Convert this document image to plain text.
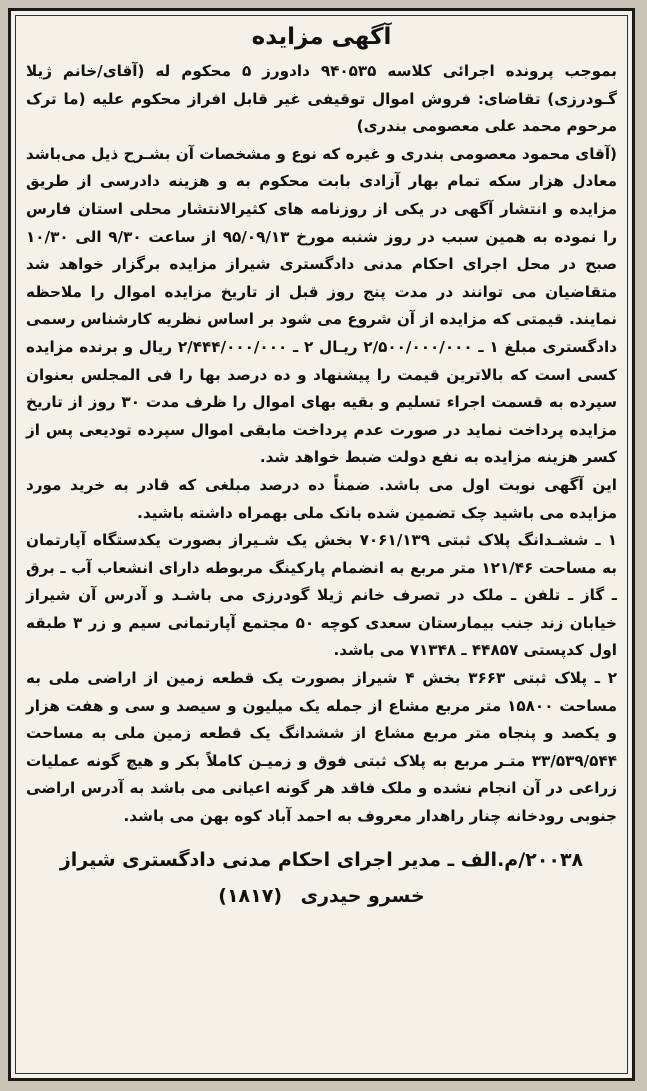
آگهی مزایده

بموجب پرونده اجرائی کلاسه ۹۴۰۵۳۵ دادورز ۵ محکوم له (آقای/خانم ژیلا گـودرزی) تقاضای: فروش اموال توقیفی غیر قابل افراز محکوم علیه (ما ترک مرحوم محمد علی معصومی بندری)

(آقای محمود معصومی بندری و غیره که نوع و مشخصات آن بشـرح ذیل می‌باشد معادل هزار سکه تمام بهار آزادی بابت محکوم به و هزینه دادرسی از طریق مزایده و انتشار آگهی در یکی از روزنامه های کثیرالانتشار محلی استان فارس را نموده به همین سبب در روز شنبه مورخ ۹۵/۰۹/۱۳ از ساعت ۹/۳۰ الی ۱۰/۳۰ صبح در محل اجرای احکام مدنی دادگستری شیراز مزایده برگزار خواهد شد متقاضیان می توانند در مدت پنج روز قبل از تاریخ مزایده اموال را ملاحظه نمایند. قیمتی که مزایده از آن شروع می شود بر اساس نظریه کارشناس رسمی دادگستری مبلغ ۱ ـ ۲/۵۰۰/۰۰۰/۰۰۰ ریـال ۲ ـ ۲/۴۴۴/۰۰۰/۰۰۰ ریال و برنده مزایده کسی است که بالاترین قیمت را پیشنهاد و ده درصد بها را فی المجلس بعنوان سپرده به قسمت اجراء تسلیم و بقیه بهای اموال را ظرف مدت ۳۰ روز از تاریخ مزایده پرداخت نماید در صورت عدم پرداخت مابقی اموال سپرده تودیعی پس از کسر هزینه مزایده به نفع دولت ضبط خواهد شد.

این آگهی نوبت اول می باشد. ضمناً ده درصد مبلغی که قادر به خرید مورد مزایده می باشید چک تضمین شده بانک ملی بهمراه داشته باشید.

۱ ـ ششـدانگ پلاک ثبتی ۷۰۶۱/۱۳۹ بخش یک شـیراز بصورت یکدستگاه آپارتمان به مساحت ۱۲۱/۴۶ متر مربع به انضمام پارکینگ مربوطه دارای انشعاب آب ـ برق ـ گاز ـ تلفن ـ ملک در تصرف خانم ژیلا گودرزی می باشـد و آدرس آن شیراز خیابان زند جنب بیمارستان سعدی کوچه ۵۰ مجتمع آپارتمانی سیم و زر ۳ طبقه اول کدپستی ۴۴۸۵۷ ـ ۷۱۳۴۸ می باشد.

۲ ـ پلاک ثبتی ۳۶۶۳ بخش ۴ شیراز بصورت یک قطعه زمین از اراضی ملی به مساحت ۱۵۸۰۰ متر مربع مشاع از جمله یک میلیون و سیصد و سی و هفت هزار و یکصد و پنجاه متر مربع مشاع از ششدانگ یک قطعه زمین ملی به مساحت ۳۳/۵۳۹/۵۴۴ متـر مربع به پلاک ثبتی فوق و زمیـن کاملاً بکر و هیچ گونه عملیات زراعی در آن انجام نشده و ملک فاقد هر گونه اعیانی می باشد به آدرس اراضی جنوبی رودخانه چنار راهدار معروف به احمد آباد کوه بهن می باشد.

۲۰۰۳۸/م.الف ـ مدیر اجرای احکام مدنی دادگستری شیراز
خسرو حیدری (۱۸۱۷)
